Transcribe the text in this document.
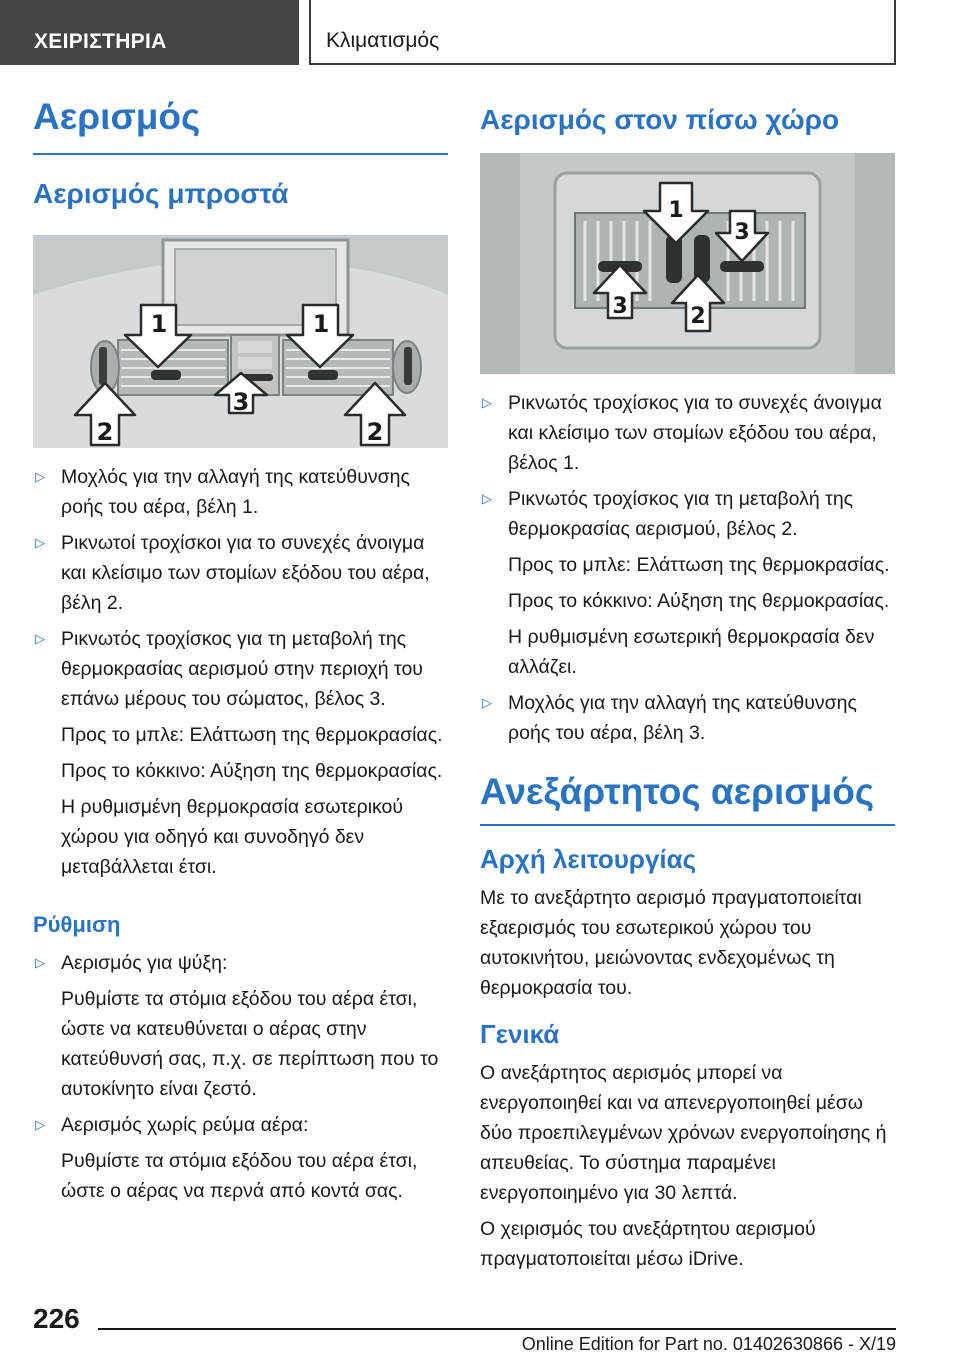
ΧΕΙΡΙΣΤΗΡΙΑ	Κλιματισμός
Αερισμός
Αερισμός μπροστά
1	1
2
3
2
▷ Μοχλός για την αλλαγή της κατεύθυνσης ροής του αέρα, βέλη 1.
▷ Ρικνωτοί τροχίσκοι για το συνεχές άνοιγμα και κλείσιμο των στομίων εξόδου του αέρα, βέλη 2.
▷ Ρικνωτός τροχίσκος για τη μεταβολή της θερμοκρασίας αερισμού στην περιοχή του επάνω μέρους του σώματος, βέλος 3.
Προς το μπλε: Ελάττωση της θερμοκρασίας.
Προς το κόκκινο: Αύξηση της θερμοκρασίας.
Η ρυθμισμένη θερμοκρασία εσωτερικού χώρου για οδηγό και συνοδηγό δεν μεταβάλλεται έτσι.
Ρύθμιση
▷ Αερισμός για ψύξη:
Ρυθμίστε τα στόμια εξόδου του αέρα έτσι, ώστε να κατευθύνεται ο αέρας στην κατεύθυνσή σας, π.χ. σε περίπτωση που το αυτοκίνητο είναι ζεστό.
▷ Αερισμός χωρίς ρεύμα αέρα:
Ρυθμίστε τα στόμια εξόδου του αέρα έτσι, ώστε ο αέρας να περνά από κοντά σας.
Αερισμός στον πίσω χώρο
1
3
3	2
▷ Ρικνωτός τροχίσκος για το συνεχές άνοιγμα και κλείσιμο των στομίων εξόδου του αέρα, βέλος 1.
▷ Ρικνωτός τροχίσκος για τη μεταβολή της θερμοκρασίας αερισμού, βέλος 2.
Προς το μπλε: Ελάττωση της θερμοκρασίας.
Προς το κόκκινο: Αύξηση της θερμοκρασίας.
Η ρυθμισμένη εσωτερική θερμοκρασία δεν αλλάζει.
▷ Μοχλός για την αλλαγή της κατεύθυνσης ροής του αέρα, βέλη 3.
Ανεξάρτητος αερισμός
Αρχή λειτουργίας

Με το ανεξάρτητο αερισμό πραγματοποιείται εξαερισμός του εσωτερικού χώρου του αυτοκινήτου, μειώνοντας ενδεχομένως τη θερμοκρασία του.

Γενικά

Ο ανεξάρτητος αερισμός μπορεί να ενεργοποιηθεί και να απενεργοποιηθεί μέσω δύο προεπιλεγμένων χρόνων ενεργοποίησης ή απευθείας. Το σύστημα παραμένει ενεργοποιημένο για 30 λεπτά.

Ο χειρισμός του ανεξάρτητου αερισμού πραγματοποιείται μέσω iDrive.

226
Online Edition for Part no. 01402630866 - X/19
